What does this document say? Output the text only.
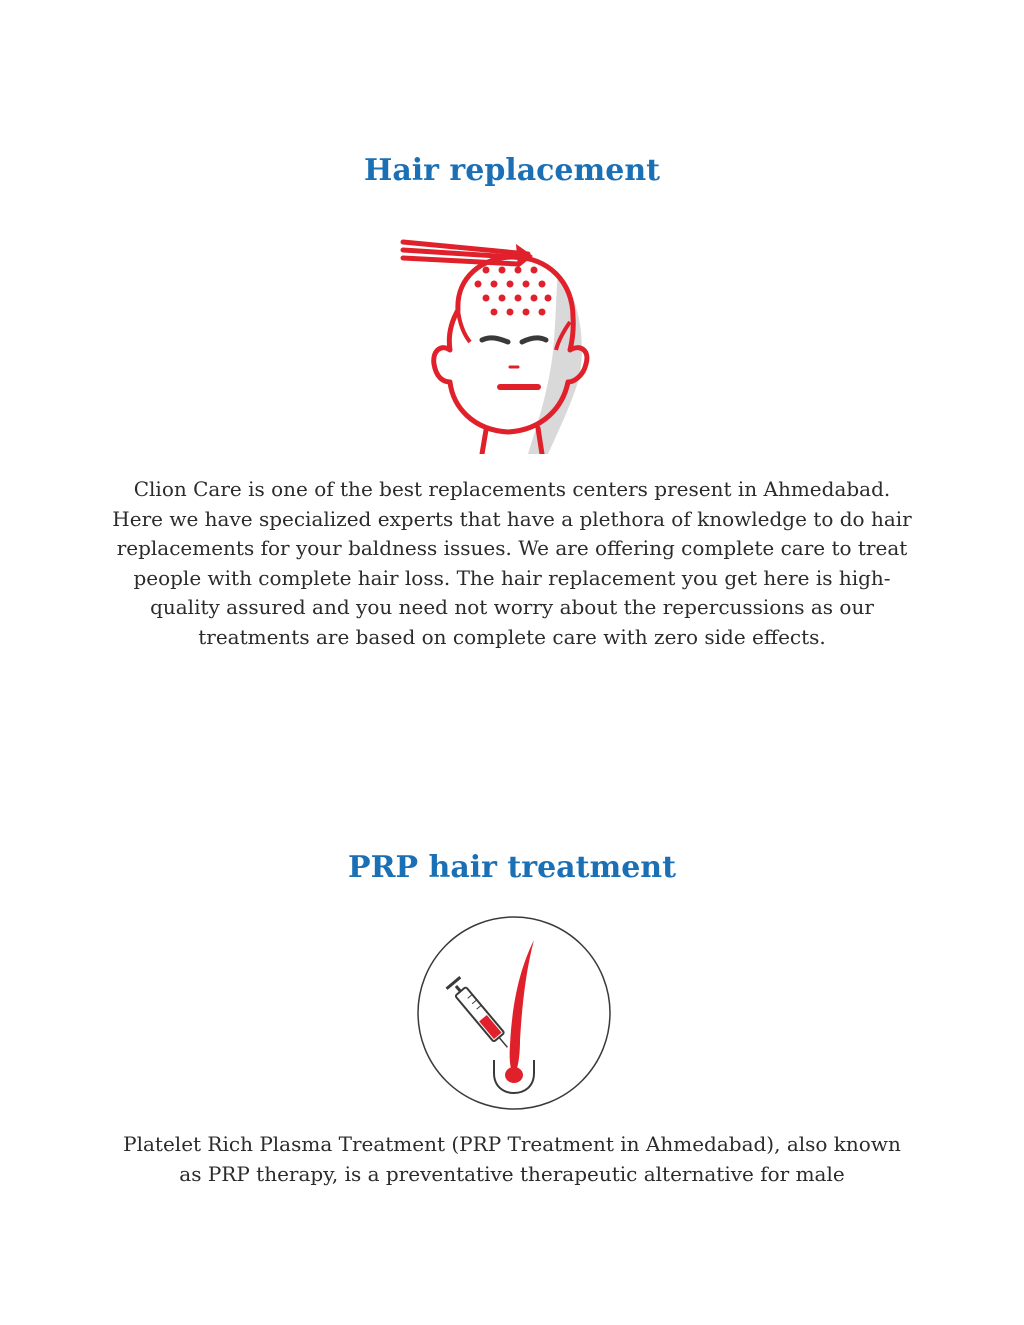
Hair replacement

Clion Care is one of the best replacements centers present in Ahmedabad. Here we have specialized experts that have a plethora of knowledge to do hair replacements for your baldness issues. We are offering complete care to treat people with complete hair loss. The hair replacement you get here is high-quality assured and you need not worry about the repercussions as our treatments are based on complete care with zero side effects.

PRP hair treatment

Platelet Rich Plasma Treatment (PRP Treatment in Ahmedabad), also known as PRP therapy, is a preventative therapeutic alternative for male
